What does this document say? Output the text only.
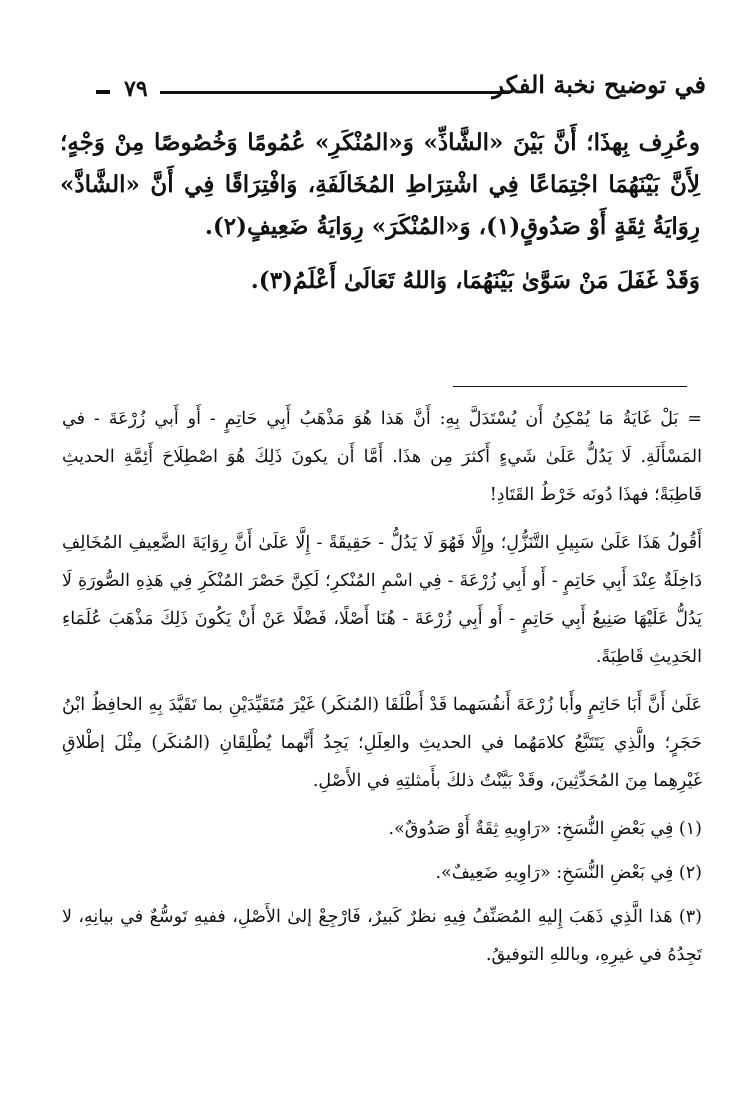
٧٩	في توضيح نخبة الفكر

وعُرِف بِهذَا؛ أَنَّ بَيْنَ «الشَّاذِّ» وَ«المُنْكَرِ» عُمُومًا وَخُصُوصًا مِنْ وَجْهٍ؛ لِأَنَّ بَيْنَهُمَا اجْتِمَاعًا فِي اشْتِرَاطِ المُخَالَفَةِ، وَافْتِرَاقًا فِي أَنَّ «الشَّاذَّ» رِوَايَةُ ثِقَةٍ أَوْ صَدُوقٍ(١)، وَ«المُنْكَرَ» رِوَايَةُ ضَعِيفٍ(٢).

وَقَدْ غَفَلَ مَنْ سَوَّىٰ بَيْنَهُمَا، وَاللهُ تَعَالَىٰ أَعْلَمُ(٣).

= بَلْ غَايَةُ مَا يُمْكِنُ أَن يُسْتَدَلَّ بِهِ: أَنَّ هَذا هُوَ مَذْهَبُ أَبِي حَاتِمٍ - أَو أَبي زُرْعَةَ - في المَسْأَلَةِ. لَا يَدُلُّ عَلَىٰ شَيءٍ أَكثرَ مِن هذَا. أَمَّا أَن يكونَ ذَلِكَ هُوَ اصْطِلَاحَ أَئِمَّةِ الحديثِ قَاطِبَةً؛ فهذَا دُونَه خَرْطُ القَتَادِ!

أَقُولُ هَذَا عَلَىٰ سَبِيلِ التَّنَزُّلِ؛ وإِلَّا فَهُوَ لَا يَدُلُّ - حَقِيقَةً - إِلَّا عَلَىٰ أَنَّ رِوَايَةَ الضَّعِيفِ المُخَالِفِ دَاخِلَةٌ عِنْدَ أَبِي حَاتِمٍ - أَو أَبِي زُرْعَةَ - فِي اسْمِ المُنْكرِ؛ لَكِنَّ حَصْرَ المُنْكَرِ فِي هَذِهِ الصُّورَةِ لَا يَدُلُّ عَلَيْهَا صَنِيعُ أَبِي حَاتِمٍ - أَو أَبِي زُرْعَةَ - هُنَا أَصْلًا، فَضْلًا عَنْ أَنْ يَكُونَ ذَلِكَ مَذْهَبَ عُلَمَاءِ الحَدِيثِ قَاطِبَةً.

عَلَىٰ أَنَّ أَبَا حَاتِمٍ وأَبا زُرْعَةَ أَنفُسَهما قَدْ أَطْلَقَا (المُنكَر) غَيْرَ مُتَقَيِّدَيْنِ بما تَقَيَّدَ بِهِ الحافِظُ ابْنُ حَجَرٍ؛ والَّذِي يَتَتَبَّعُ كلامَهُما في الحديثِ والعِلَلِ؛ يَجِدُ أَنَّهما يُطْلِقَانِ (المُنكَر) مِثْلَ إطْلاقِ غَيْرِهِما مِنَ المُحَدِّثِينَ، وقَدْ بَيَّنْتُ ذلكَ بأَمثلتِهِ في الأَصْلِ.

(١) فِي بَعْضِ النُّسَخِ: «رَاوِيهِ ثِقَةٌ أَوْ صَدُوقٌ».

(٢) فِي بَعْضِ النُّسَخِ: «رَاوِيهِ ضَعِيفٌ».

(٣) هَذا الَّذِي ذَهَبَ إِليهِ المُصَنِّفُ فِيهِ نظرٌ كَبيرٌ، فَارْجِعْ إلىٰ الأَصْلِ، ففيهِ تَوسُّعٌ في بيانِهِ، لا تَجِدُهُ في غيرِهِ، وباللهِ التوفيقُ.
